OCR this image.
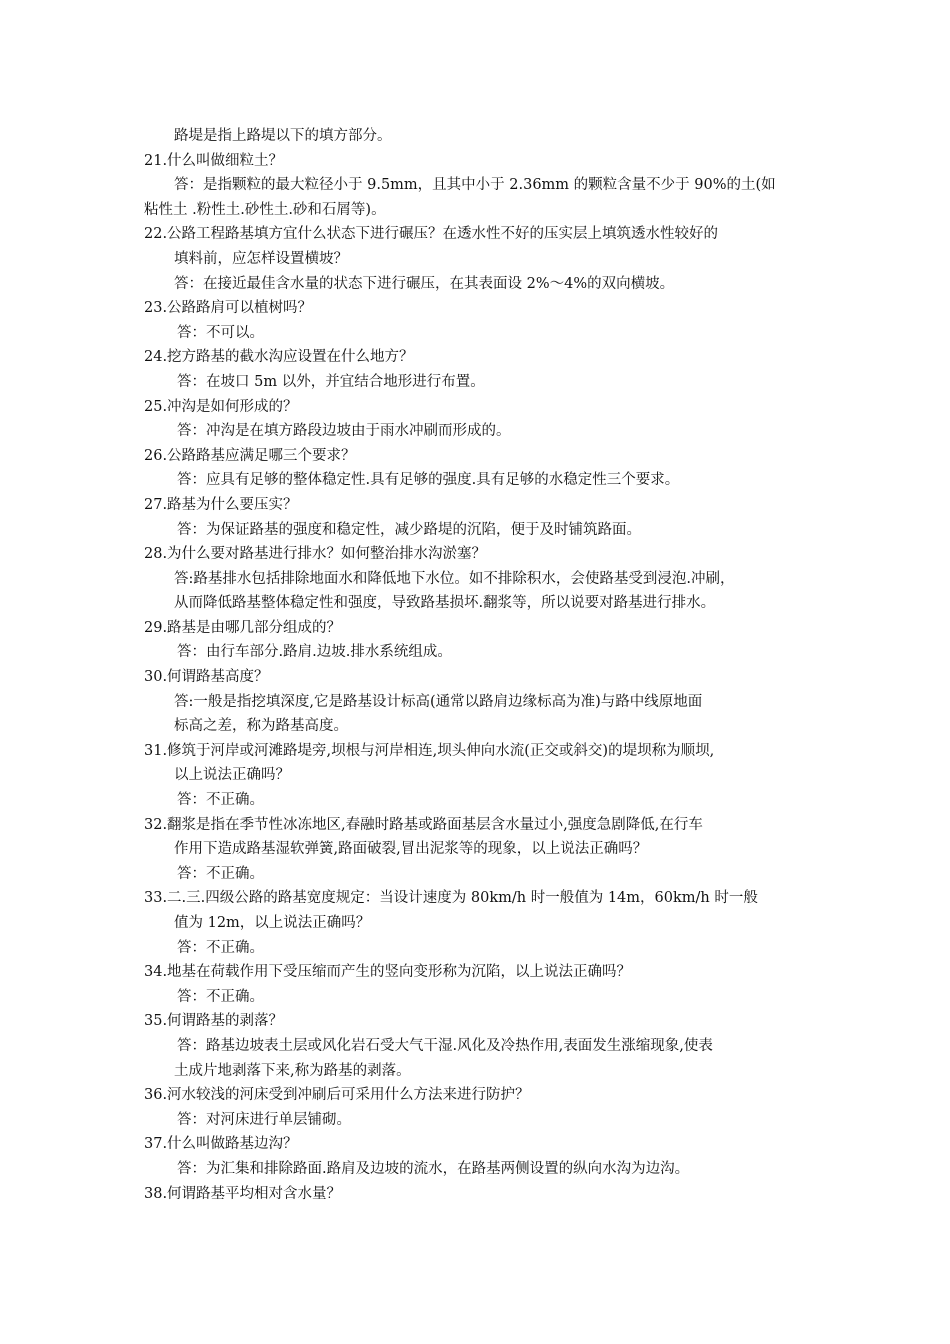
路堤是指上路堤以下的填方部分。
21.什么叫做细粒土？
答：是指颗粒的最大粒径小于 9.5mm，且其中小于 2.36mm 的颗粒含量不少于 90%的土(如
粘性土 .粉性土.砂性土.砂和石屑等)。
22.公路工程路基填方宜什么状态下进行碾压？在透水性不好的压实层上填筑透水性较好的
填料前，应怎样设置横坡？
答：在接近最佳含水量的状态下进行碾压，在其表面设 2%～4%的双向横坡。
23.公路路肩可以植树吗？
答：不可以。
24.挖方路基的截水沟应设置在什么地方？
答：在坡口 5m 以外，并宜结合地形进行布置。
25.冲沟是如何形成的？
答：冲沟是在填方路段边坡由于雨水冲刷而形成的。
26.公路路基应满足哪三个要求？
答：应具有足够的整体稳定性.具有足够的强度.具有足够的水稳定性三个要求。
27.路基为什么要压实？
答：为保证路基的强度和稳定性，减少路堤的沉陷，便于及时铺筑路面。
28.为什么要对路基进行排水？如何整治排水沟淤塞？
答:路基排水包括排除地面水和降低地下水位。如不排除积水，会使路基受到浸泡.冲刷，
从而降低路基整体稳定性和强度，导致路基损坏.翻浆等，所以说要对路基进行排水。
29.路基是由哪几部分组成的？
答：由行车部分.路肩.边坡.排水系统组成。
30.何谓路基高度？
答:一般是指挖填深度,它是路基设计标高(通常以路肩边缘标高为准)与路中线原地面
标高之差，称为路基高度。
31.修筑于河岸或河滩路堤旁,坝根与河岸相连,坝头伸向水流(正交或斜交)的堤坝称为顺坝,
以上说法正确吗？
答：不正确。
32.翻浆是指在季节性冰冻地区,春融时路基或路面基层含水量过小,强度急剧降低,在行车
作用下造成路基湿软弹簧,路面破裂,冒出泥浆等的现象，以上说法正确吗？
答：不正确。
33.二.三.四级公路的路基宽度规定：当设计速度为 80km/h 时一般值为 14m，60km/h 时一般
值为 12m，以上说法正确吗？
答：不正确。
34.地基在荷载作用下受压缩而产生的竖向变形称为沉陷，以上说法正确吗？
答：不正确。
35.何谓路基的剥落？
答：路基边坡表土层或风化岩石受大气干湿.风化及冷热作用,表面发生涨缩现象,使表
土成片地剥落下来,称为路基的剥落。
36.河水较浅的河床受到冲刷后可采用什么方法来进行防护？
答：对河床进行单层铺砌。
37.什么叫做路基边沟？
答：为汇集和排除路面.路肩及边坡的流水，在路基两侧设置的纵向水沟为边沟。
38.何谓路基平均相对含水量？
